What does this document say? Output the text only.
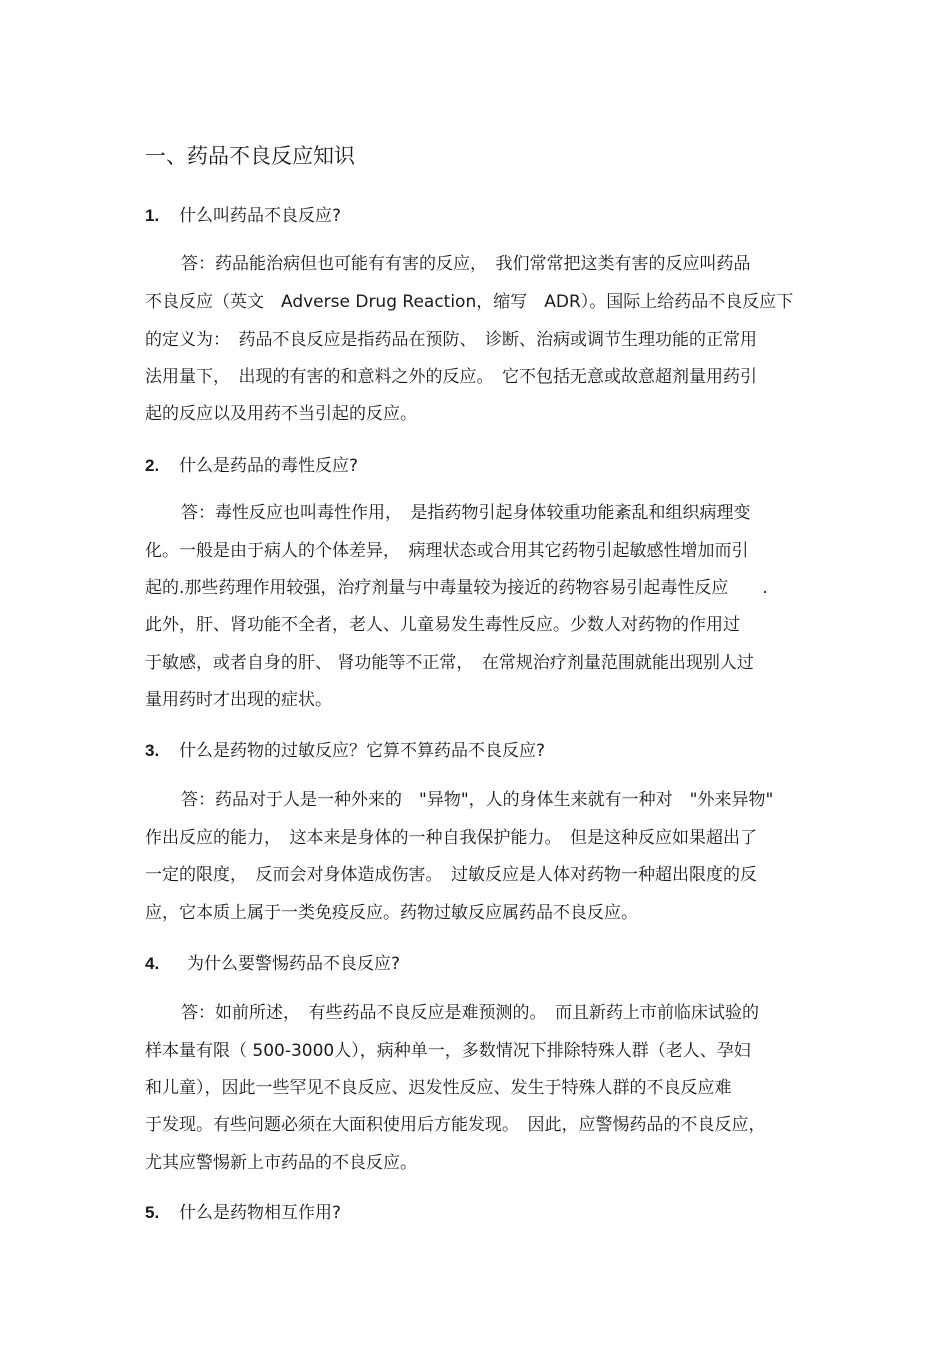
一、药品不良反应知识
1. 什么叫药品不良反应?
答：药品能治病但也可能有有害的反应，　我们常常把这类有害的反应叫药品
不良反应（英文　Adverse Drug Reaction，缩写　ADR）。国际上给药品不良反应下
的定义为：　药品不良反应是指药品在预防、　诊断、治病或调节生理功能的正常用
法用量下，　出现的有害的和意料之外的反应。　它不包括无意或故意超剂量用药引
起的反应以及用药不当引起的反应。
2. 什么是药品的毒性反应?
答：毒性反应也叫毒性作用，　是指药物引起身体较重功能紊乱和组织病理变
化。一般是由于病人的个体差异，　病理状态或合用其它药物引起敏感性增加而引
起的.那些药理作用较强，治疗剂量与中毒量较为接近的药物容易引起毒性反应　　.
此外，肝、肾功能不全者，老人、儿童易发生毒性反应。少数人对药物的作用过
于敏感，或者自身的肝、 肾功能等不正常，　在常规治疗剂量范围就能出现别人过
量用药时才出现的症状。
3. 什么是药物的过敏反应？它算不算药品不良反应?
答：药品对于人是一种外来的　"异物"，人的身体生来就有一种对　"外来异物"
作出反应的能力，　这本来是身体的一种自我保护能力。　但是这种反应如果超出了
一定的限度，　反而会对身体造成伤害。　过敏反应是人体对药物一种超出限度的反
应，它本质上属于一类免疫反应。药物过敏反应属药品不良反应。
4. 为什么要警惕药品不良反应?
答：如前所述，　有些药品不良反应是难预测的。　而且新药上市前临床试验的
样本量有限（ 500-3000人），病种单一，多数情况下排除特殊人群（老人、孕妇
和儿童），因此一些罕见不良反应、迟发性反应、发生于特殊人群的不良反应难
于发现。有些问题必须在大面积使用后方能发现。　因此，应警惕药品的不良反应，
尤其应警惕新上市药品的不良反应。
5. 什么是药物相互作用?
